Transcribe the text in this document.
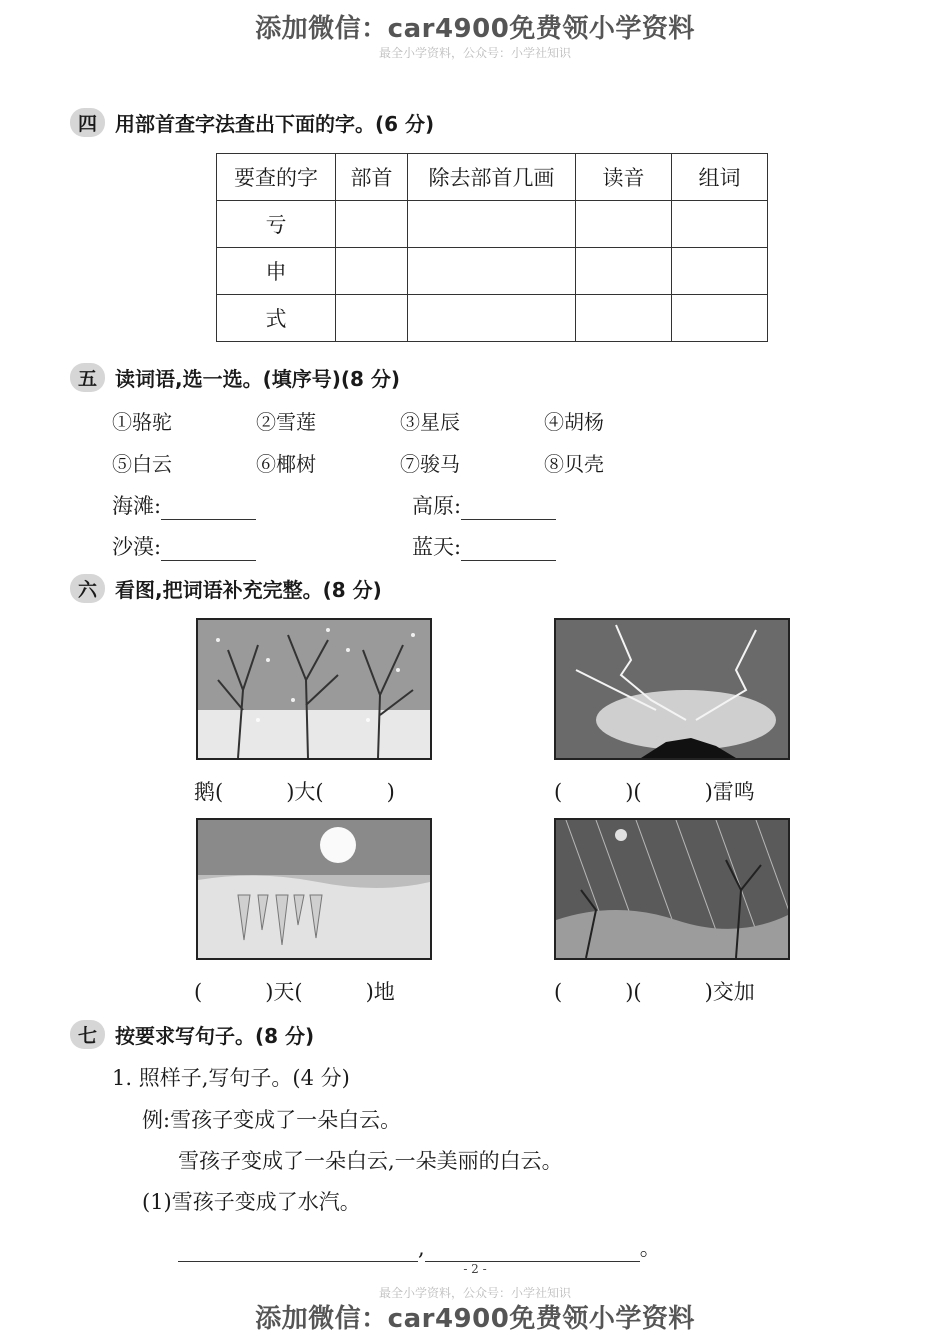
添加微信：car4900免费领小学资料
最全小学资料，公众号：小学社知识
四 用部首查字法查出下面的字。(6 分)
要查的字	部首	除去部首几画	读音	组词
亏				
申				
式				
五 读词语,选一选。(填序号)(8 分)
①骆驼	②雪莲	③星辰	④胡杨
⑤白云	⑥椰树	⑦骏马	⑧贝壳
海滩:	高原:
沙漠:	蓝天:
六 看图,把词语补充完整。(8 分)
鹅(　　　)大(　　　)	(　　　)(　　　)雷鸣
(　　　)天(　　　)地	(　　　)(　　　)交加
七 按要求写句子。(8 分)
1. 照样子,写句子。(4 分)
例:雪孩子变成了一朵白云。
雪孩子变成了一朵白云,一朵美丽的白云。
(1)雪孩子变成了水汽。
,	。
- 2 -
最全小学资料，公众号：小学社知识
添加微信：car4900免费领小学资料
